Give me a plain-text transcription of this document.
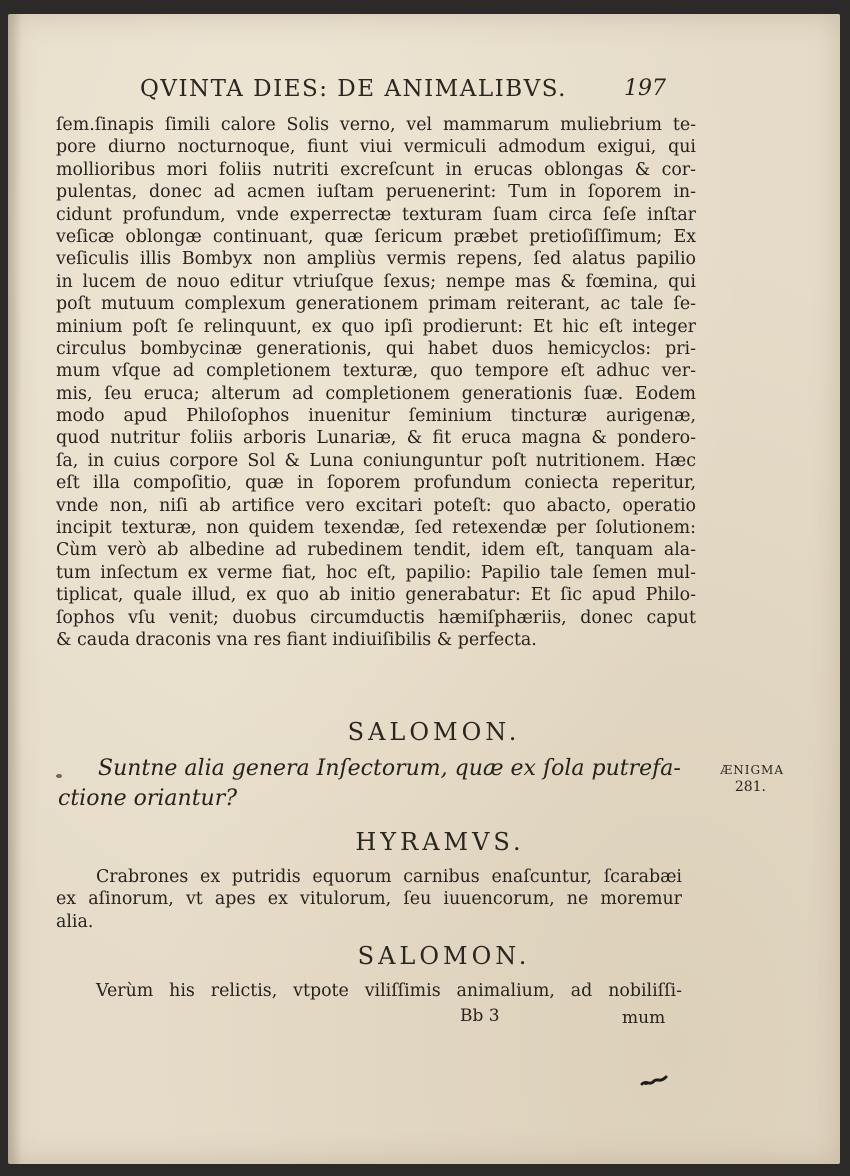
QVINTA DIES: DE ANIMALIBVS.	197
ſem.ſinapis ſimili calore Solis verno, vel mammarum muliebrium te-
pore diurno nocturnoque, fiunt viui vermiculi admodum exigui, qui
mollioribus mori foliis nutriti excreſcunt in erucas oblongas & cor-
pulentas, donec ad acmen iuſtam peruenerint: Tum in ſoporem in-
cidunt profundum, vnde experrectæ texturam ſuam circa ſeſe inſtar
veſicæ oblongæ continuant, quæ ſericum præbet pretioſiſſimum; Ex
veſiculis illis Bombyx non ampliùs vermis repens, ſed alatus papilio
in lucem de nouo editur vtriuſque ſexus; nempe mas & fœmina, qui
poſt mutuum complexum generationem primam reiterant, ac tale ſe-
minium poſt ſe relinquunt, ex quo ipſi prodierunt: Et hic eſt integer
circulus bombycinæ generationis, qui habet duos hemicyclos: pri-
mum vſque ad completionem texturæ, quo tempore eſt adhuc ver-
mis, ſeu eruca; alterum ad completionem generationis ſuæ. Eodem
modo apud Philoſophos inuenitur ſeminium tincturæ aurigenæ,
quod nutritur foliis arboris Lunariæ, & fit eruca magna & pondero-
ſa, in cuius corpore Sol & Luna coniunguntur poſt nutritionem. Hæc
eſt illa compoſitio, quæ in ſoporem profundum coniecta reperitur,
vnde non, niſi ab artifice vero excitari poteſt: quo abacto, operatio
incipit texturæ, non quidem texendæ, ſed retexendæ per ſolutionem:
Cùm verò ab albedine ad rubedinem tendit, idem eſt, tanquam ala-
tum inſectum ex verme fiat, hoc eſt, papilio: Papilio tale ſemen mul-
tiplicat, quale illud, ex quo ab initio generabatur: Et ſic apud Philo-
ſophos vſu venit; duobus circumductis hæmiſphæriis, donec caput
& cauda draconis vna res fiant indiuiſibilis & perfecta.
SALOMON.
Suntne alia genera Inſectorum, quæ ex ſola putrefa-
ctione oriantur?
ÆNIGMA
281.
HYRAMVS.
Crabrones ex putridis equorum carnibus enaſcuntur, ſcarabæi
ex aſinorum, vt apes ex vitulorum, ſeu iuuencorum, ne moremur
alia.
SALOMON.
Verùm his relictis, vtpote viliſſimis animalium, ad nobiliſſi-
Bb 3	mum
